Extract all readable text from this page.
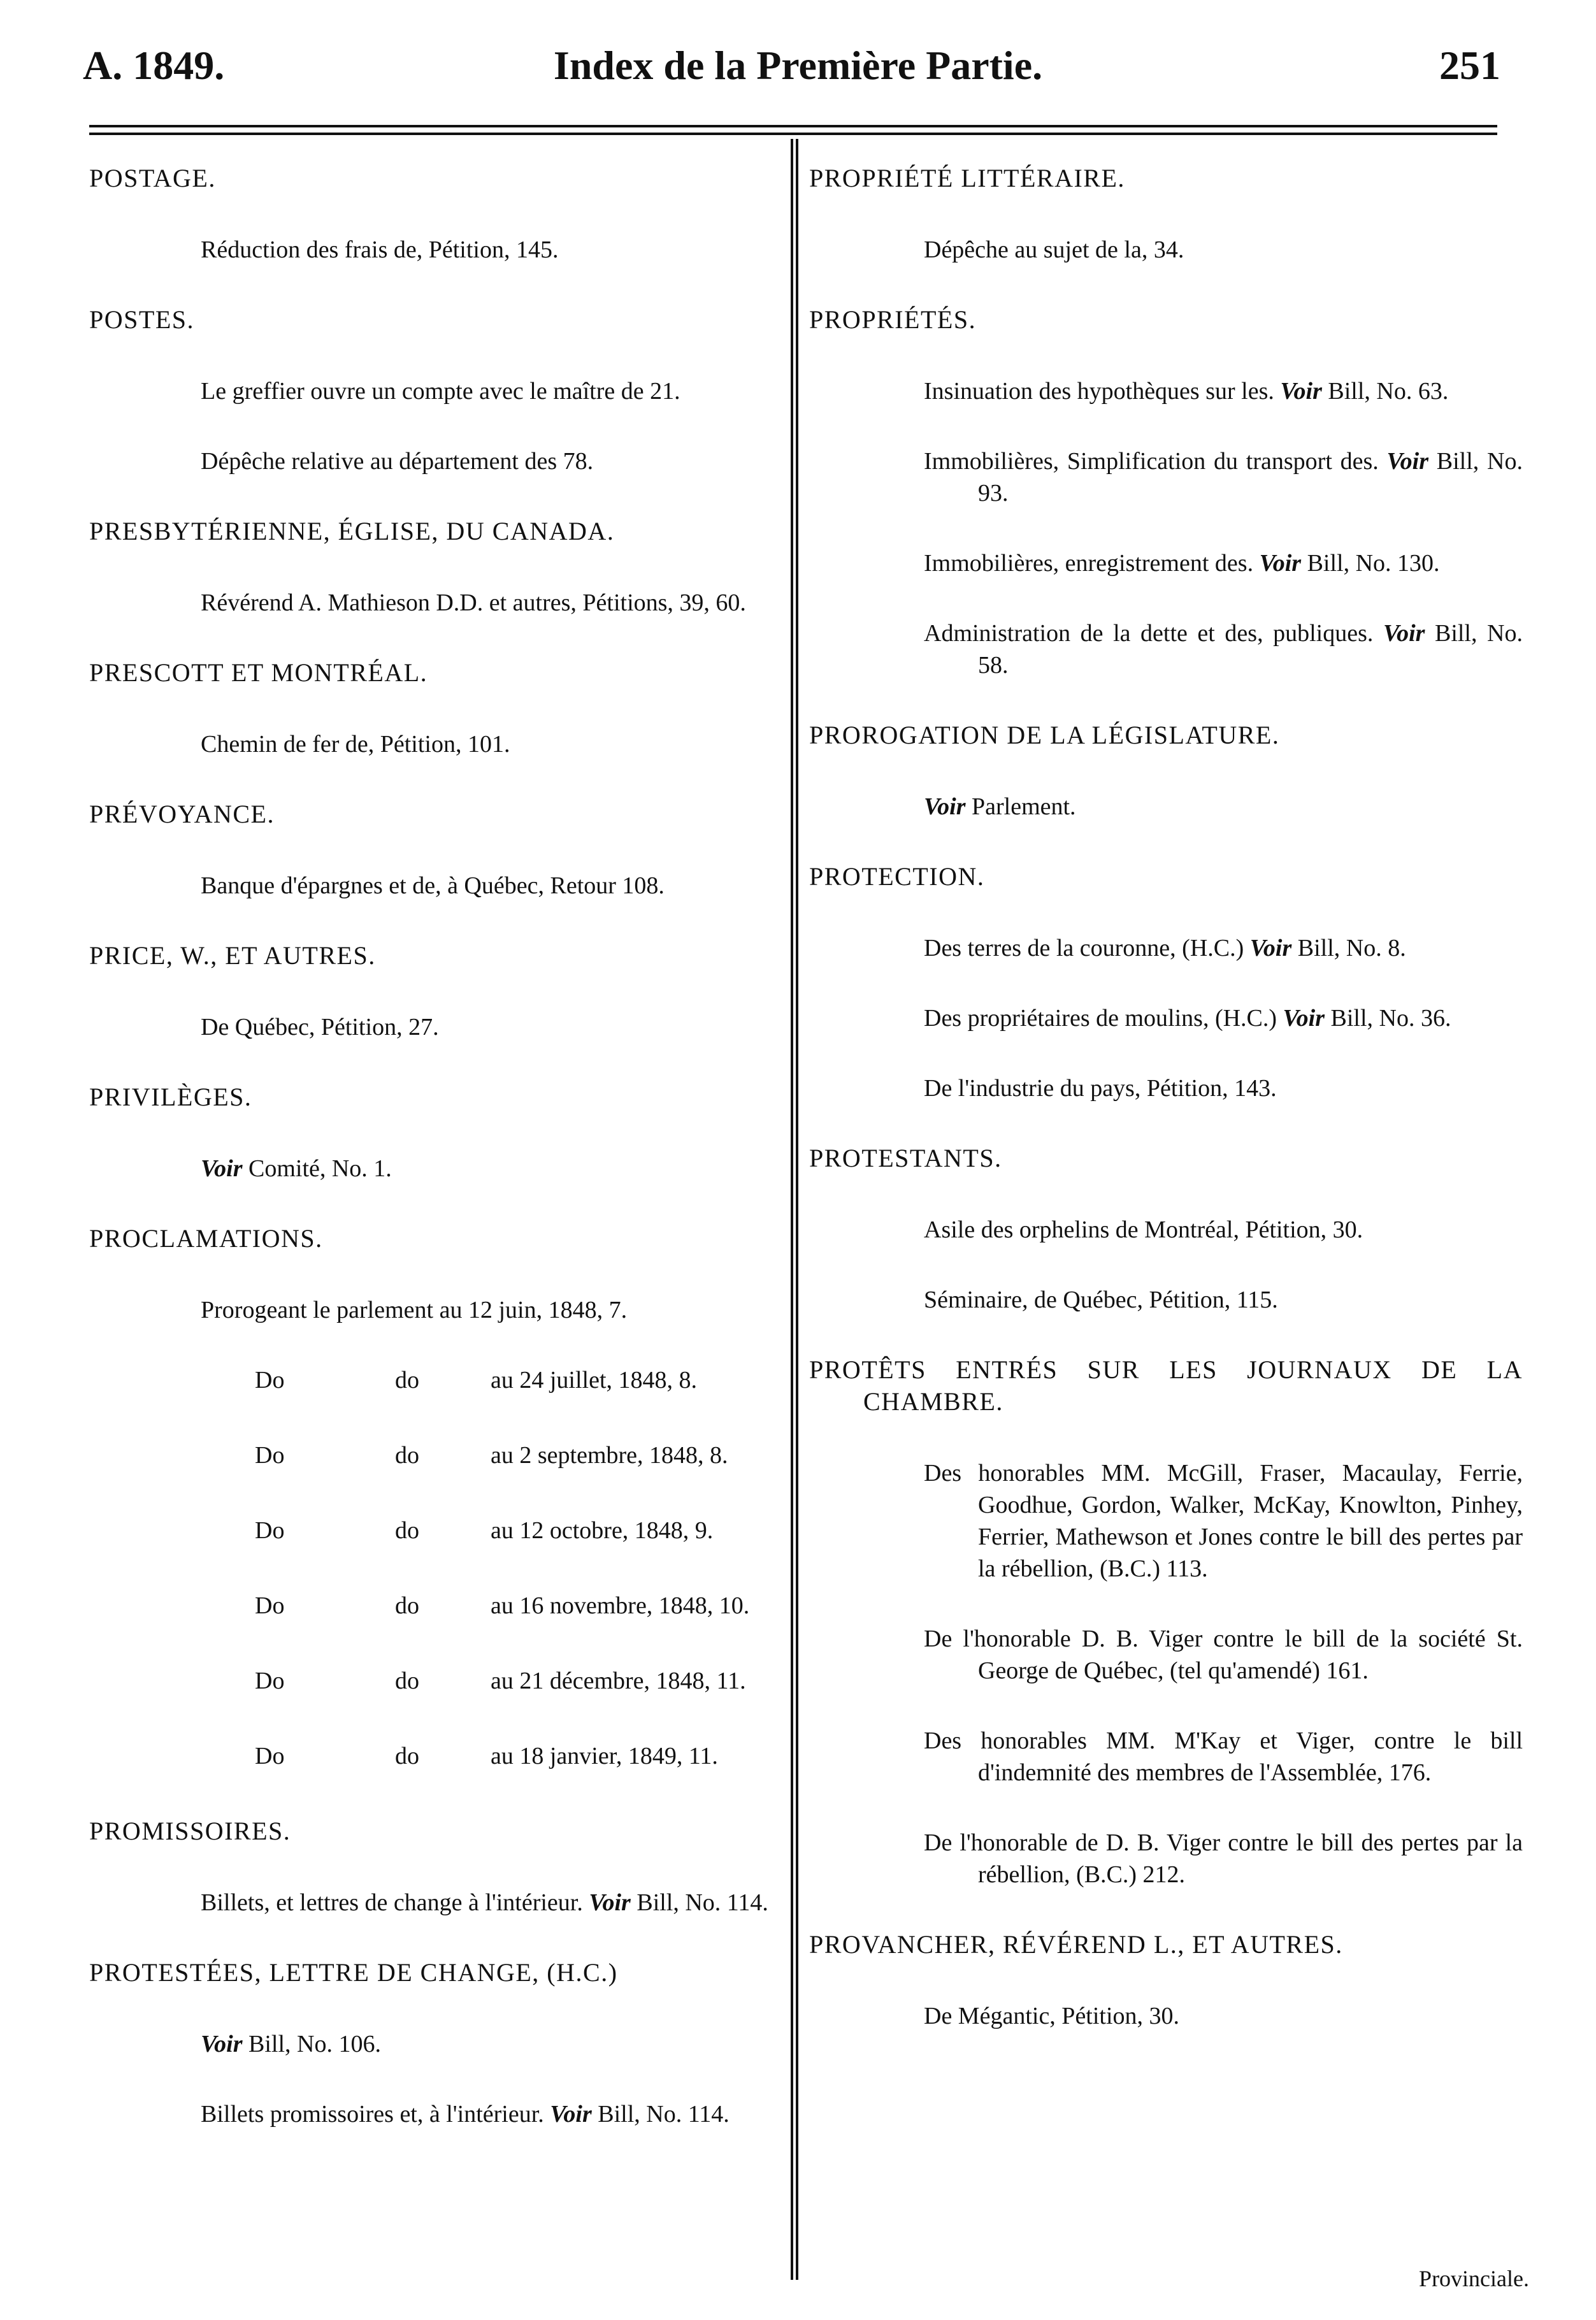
A. 1849.	Index de la Première Partie.	251
POSTAGE.
Réduction des frais de, Pétition, 145.
POSTES.
Le greffier ouvre un compte avec le maître de 21.
Dépêche relative au département des 78.
PRESBYTÉRIENNE, ÉGLISE, DU CANADA.
Révérend A. Mathieson D.D. et autres, Pétitions, 39, 60.
PRESCOTT ET MONTRÉAL.
Chemin de fer de, Pétition, 101.
PRÉVOYANCE.
Banque d'épargnes et de, à Québec, Retour 108.
PRICE, W., ET AUTRES.
De Québec, Pétition, 27.
PRIVILÈGES.
Voir Comité, No. 1.
PROCLAMATIONS.
Prorogeant le parlement au 12 juin, 1848, 7.
Do	do	au 24 juillet, 1848, 8.
Do	do	au 2 septembre, 1848, 8.
Do	do	au 12 octobre, 1848, 9.
Do	do	au 16 novembre, 1848, 10.
Do	do	au 21 décembre, 1848, 11.
Do	do	au 18 janvier, 1849, 11.
PROMISSOIRES.
Billets, et lettres de change à l'intérieur. Voir Bill, No. 114.
PROTESTÉES, LETTRE DE CHANGE, (H.C.)
Voir Bill, No. 106.
Billets promissoires et, à l'intérieur. Voir Bill, No. 114.
PROPRIÉTÉ LITTÉRAIRE.
Dépêche au sujet de la, 34.
PROPRIÉTÉS.
Insinuation des hypothèques sur les. Voir Bill, No. 63.
Immobilières, Simplification du transport des. Voir Bill, No. 93.
Immobilières, enregistrement des. Voir Bill, No. 130.
Administration de la dette et des, publiques. Voir Bill, No. 58.
PROROGATION DE LA LÉGISLATURE.
Voir Parlement.
PROTECTION.
Des terres de la couronne, (H.C.) Voir Bill, No. 8.
Des propriétaires de moulins, (H.C.) Voir Bill, No. 36.
De l'industrie du pays, Pétition, 143.
PROTESTANTS.
Asile des orphelins de Montréal, Pétition, 30.
Séminaire, de Québec, Pétition, 115.
PROTÊTS ENTRÉS SUR LES JOURNAUX DE LA CHAMBRE.
Des honorables MM. McGill, Fraser, Macaulay, Ferrie, Goodhue, Gordon, Walker, McKay, Knowlton, Pinhey, Ferrier, Mathewson et Jones contre le bill des pertes par la rébellion, (B.C.) 113.
De l'honorable D. B. Viger contre le bill de la société St. George de Québec, (tel qu'amendé) 161.
Des honorables MM. M'Kay et Viger, contre le bill d'indemnité des membres de l'Assemblée, 176.
De l'honorable de D. B. Viger contre le bill des pertes par la rébellion, (B.C.) 212.
PROVANCHER, RÉVÉREND L., ET AUTRES.
De Mégantic, Pétition, 30.
Provinciale.
